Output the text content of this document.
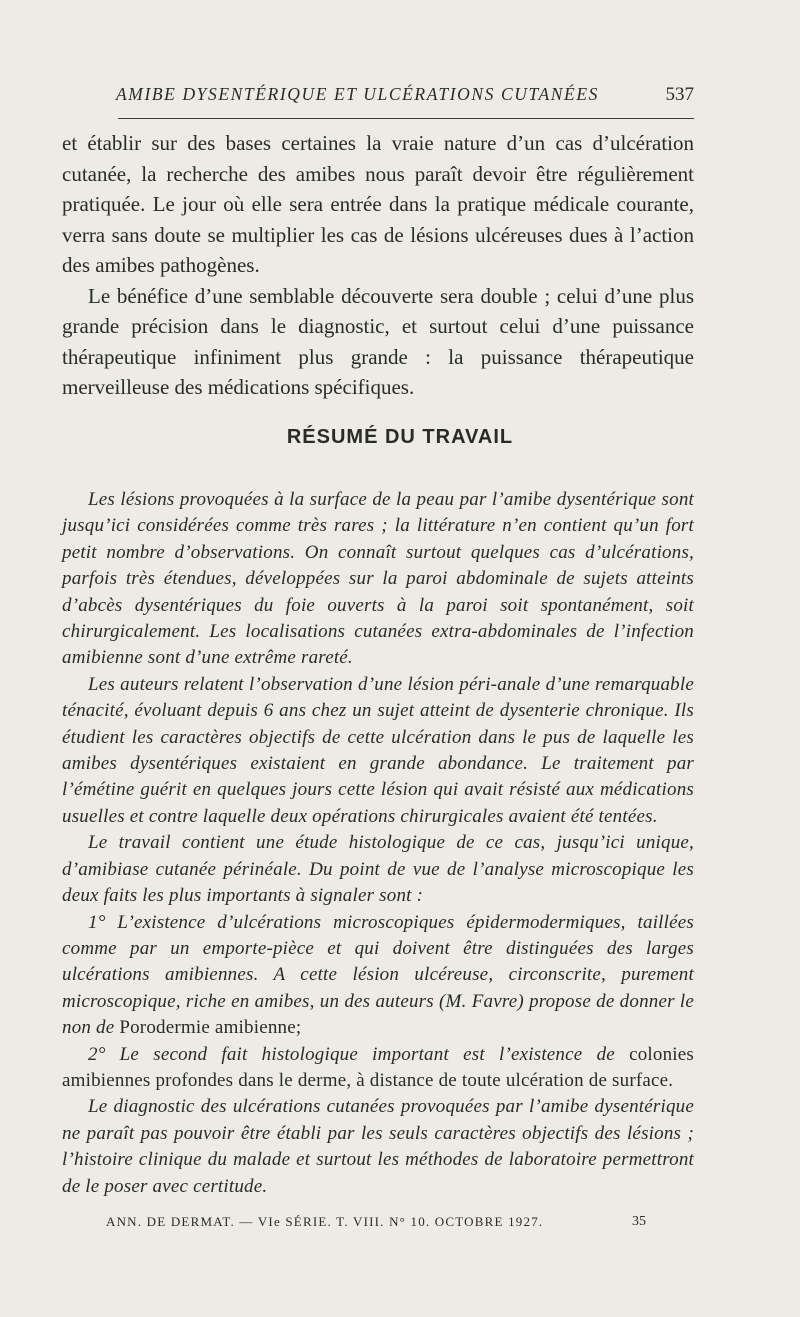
AMIBE DYSENTÉRIQUE ET ULCÉRATIONS CUTANÉES	537

et établir sur des bases certaines la vraie nature d’un cas d’ulcération cutanée, la recherche des amibes nous paraît devoir être régulièrement pratiquée. Le jour où elle sera entrée dans la pratique médicale courante, verra sans doute se multiplier les cas de lésions ulcéreuses dues à l’action des amibes pathogènes.

Le bénéfice d’une semblable découverte sera double ; celui d’une plus grande précision dans le diagnostic, et surtout celui d’une puissance thérapeutique infiniment plus grande : la puissance thérapeutique merveilleuse des médications spécifiques.

RÉSUMÉ DU TRAVAIL

Les lésions provoquées à la surface de la peau par l’amibe dysentérique sont jusqu’ici considérées comme très rares ; la littérature n’en contient qu’un fort petit nombre d’observations. On connaît surtout quelques cas d’ulcérations, parfois très étendues, développées sur la paroi abdominale de sujets atteints d’abcès dysentériques du foie ouverts à la paroi soit spontanément, soit chirurgicalement. Les localisations cutanées extra-abdominales de l’infection amibienne sont d’une extrême rareté.

Les auteurs relatent l’observation d’une lésion péri-anale d’une remarquable ténacité, évoluant depuis 6 ans chez un sujet atteint de dysenterie chronique. Ils étudient les caractères objectifs de cette ulcération dans le pus de laquelle les amibes dysentériques existaient en grande abondance. Le traitement par l’émétine guérit en quelques jours cette lésion qui avait résisté aux médications usuelles et contre laquelle deux opérations chirurgicales avaient été tentées.

Le travail contient une étude histologique de ce cas, jusqu’ici unique, d’amibiase cutanée périnéale. Du point de vue de l’analyse microscopique les deux faits les plus importants à signaler sont :

1° L’existence d’ulcérations microscopiques épidermodermiques, taillées comme par un emporte-pièce et qui doivent être distinguées des larges ulcérations amibiennes. A cette lésion ulcéreuse, circonscrite, purement microscopique, riche en amibes, un des auteurs (M. Favre) propose de donner le non de Porodermie amibienne;

2° Le second fait histologique important est l’existence de colonies amibiennes profondes dans le derme, à distance de toute ulcération de surface.

Le diagnostic des ulcérations cutanées provoquées par l’amibe dysentérique ne paraît pas pouvoir être établi par les seuls caractères objectifs des lésions ; l’histoire clinique du malade et surtout les méthodes de laboratoire permettront de le poser avec certitude.

ANN. DE DERMAT. — VIe SÉRIE. T. VIII. N° 10. OCTOBRE 1927.	35
